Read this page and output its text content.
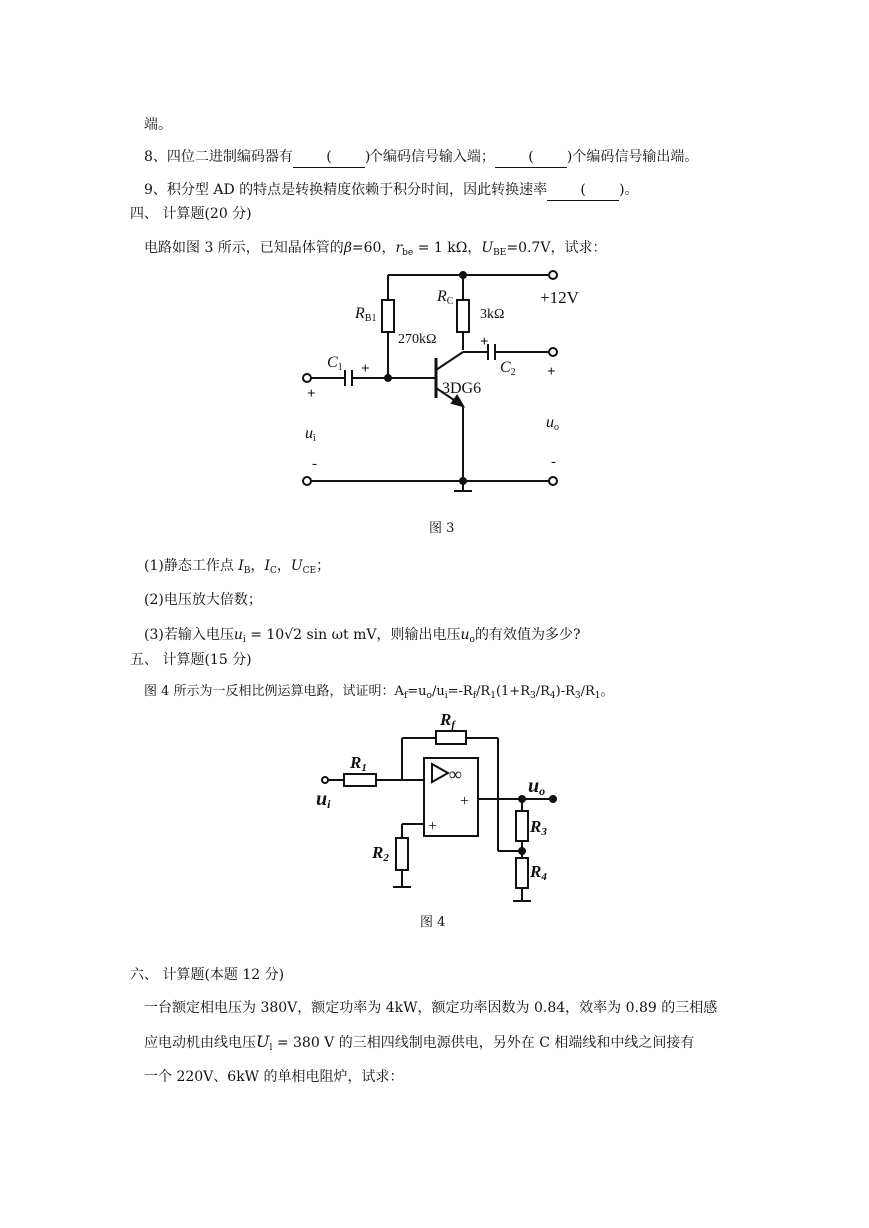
端。
8、四位二进制编码器有 ( )个编码信号输入端； ( )个编码信号输出端。
9、积分型 AD 的特点是转换精度依赖于积分时间，因此转换速率 ( )。
四、 计算题(20 分)
电路如图 3 所示，已知晶体管的β=60，$r_{be} = 1$ kΩ，$U_{BE}=0.7V$，试求：
RB1
270kΩ
RC
3kΩ
+12V
C1 +
+
C2 +
+	3DG6
ui
uo
-	-
Rf
R1
ui
∞
+
+
R2
uo
R3
R4
图 3
(1)静态工作点 $I_B$，$I_C$，$U_{CE}$；
(2)电压放大倍数；
(3)若输入电压$u_i = 10√2$ sin ωt mV，则输出电压$u_o$的有效值为多少?
五、 计算题(15 分)
图 4 所示为一反相比例运算电路，试证明：$A_f=u_o/u_i=-R_f/R_1(1+R_3/R_4)-R_3/R_1$。
图 4
六、 计算题(本题 12 分)
一台额定相电压为 380V，额定功率为 4kW，额定功率因数为 0.84，效率为 0.89 的三相感
应电动机由线电压$U_l = 380$ V 的三相四线制电源供电，另外在 C 相端线和中线之间接有
一个 220V、6kW 的单相电阻炉，试求：
